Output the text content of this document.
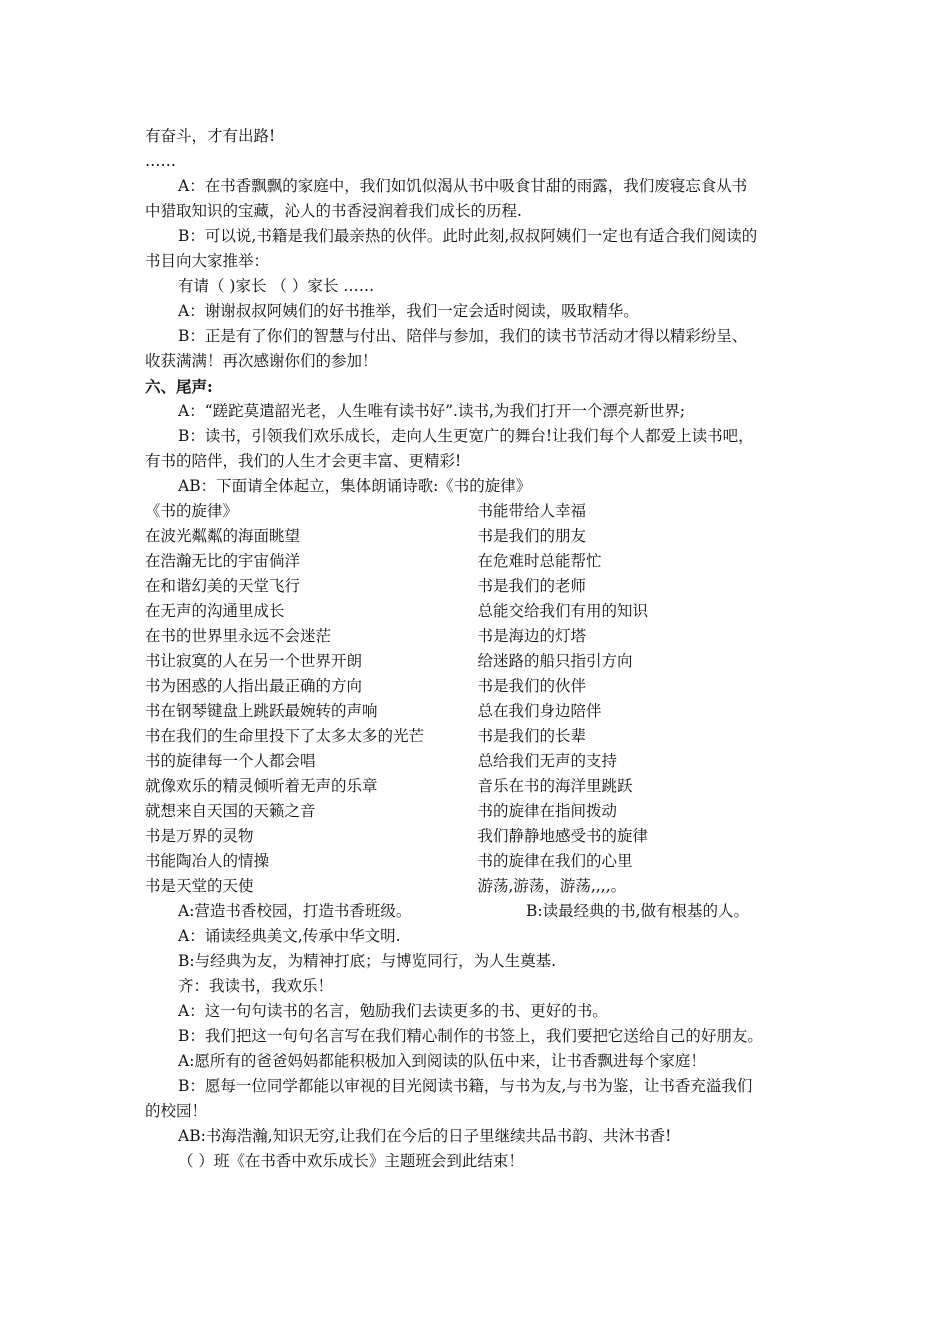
有奋斗，才有出路!
……
A：在书香飘飘的家庭中，我们如饥似渴从书中吸食甘甜的雨露，我们废寝忘食从书
中猎取知识的宝藏，沁人的书香浸润着我们成长的历程.
B：可以说,书籍是我们最亲热的伙伴。此时此刻,叔叔阿姨们一定也有适合我们阅读的
书目向大家推举：
有请（ )家长 （ ）家长 ……
A：谢谢叔叔阿姨们的好书推举，我们一定会适时阅读，吸取精华。
B：正是有了你们的智慧与付出、陪伴与参加，我们的读书节活动才得以精彩纷呈、
收获满满！再次感谢你们的参加！
六、尾声:
A：“蹉跎莫遣韶光老，人生唯有读书好”.读书,为我们打开一个漂亮新世界;
B：读书，引领我们欢乐成长，走向人生更宽广的舞台!让我们每个人都爱上读书吧，
有书的陪伴，我们的人生才会更丰富、更精彩!
AB：下面请全体起立，集体朗诵诗歌:《书的旋律》
《书的旋律》
在波光粼粼的海面眺望
在浩瀚无比的宇宙倘洋
在和谐幻美的天堂飞行
在无声的沟通里成长
在书的世界里永远不会迷茫
书让寂寞的人在另一个世界开朗
书为困惑的人指出最正确的方向
书在钢琴键盘上跳跃最婉转的声响
书在我们的生命里投下了太多太多的光芒
书的旋律每一个人都会唱
就像欢乐的精灵倾听着无声的乐章
就想来自天国的天籁之音
书是万界的灵物
书能陶冶人的情操
书是天堂的天使
书能带给人幸福
书是我们的朋友
在危难时总能帮忙
书是我们的老师
总能交给我们有用的知识
书是海边的灯塔
给迷路的船只指引方向
书是我们的伙伴
总在我们身边陪伴
书是我们的长辈
总给我们无声的支持
音乐在书的海洋里跳跃
书的旋律在指间拨动
我们静静地感受书的旋律
书的旋律在我们的心里
游荡,游荡，游荡,,,,。
A:营造书香校园，打造书香班级。	B:读最经典的书,做有根基的人。
A：诵读经典美文,传承中华文明.
B:与经典为友，为精神打底；与博览同行，为人生奠基.
齐：我读书，我欢乐！
A：这一句句读书的名言，勉励我们去读更多的书、更好的书。
B：我们把这一句句名言写在我们精心制作的书签上，我们要把它送给自己的好朋友。
A:愿所有的爸爸妈妈都能积极加入到阅读的队伍中来，让书香飘进每个家庭！
B：愿每一位同学都能以审视的目光阅读书籍，与书为友,与书为鉴，让书香充溢我们
的校园！
AB:书海浩瀚,知识无穷,让我们在今后的日子里继续共品书韵、共沐书香!
（ ）班《在书香中欢乐成长》主题班会到此结束！
